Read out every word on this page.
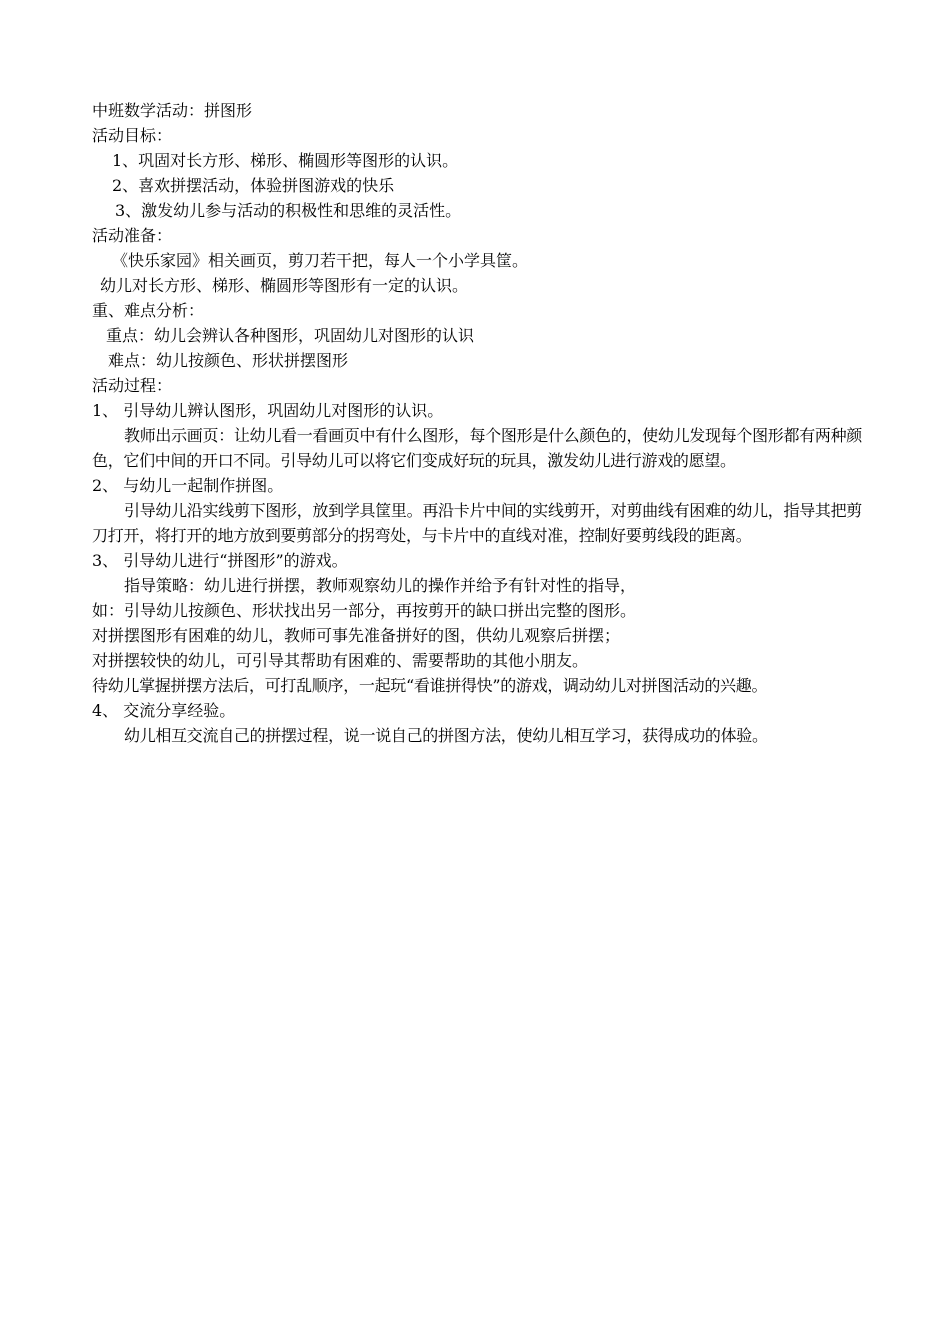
中班数学活动：拼图形

活动目标：

1、巩固对长方形、梯形、椭圆形等图形的认识。

2、喜欢拼摆活动，体验拼图游戏的快乐

3、激发幼儿参与活动的积极性和思维的灵活性。

活动准备：

《快乐家园》相关画页，剪刀若干把，每人一个小学具筐。

幼儿对长方形、梯形、椭圆形等图形有一定的认识。

重、难点分析：

重点：幼儿会辨认各种图形，巩固幼儿对图形的认识

难点：幼儿按颜色、形状拼摆图形

活动过程：

1、 引导幼儿辨认图形，巩固幼儿对图形的认识。

教师出示画页：让幼儿看一看画页中有什么图形，每个图形是什么颜色的，使幼儿发现每个图形都有两种颜色，它们中间的开口不同。引导幼儿可以将它们变成好玩的玩具，激发幼儿进行游戏的愿望。

2、 与幼儿一起制作拼图。

引导幼儿沿实线剪下图形，放到学具筐里。再沿卡片中间的实线剪开，对剪曲线有困难的幼儿，指导其把剪刀打开，将打开的地方放到要剪部分的拐弯处，与卡片中的直线对准，控制好要剪线段的距离。

3、 引导幼儿进行“拼图形”的游戏。

指导策略：幼儿进行拼摆，教师观察幼儿的操作并给予有针对性的指导，

如：引导幼儿按颜色、形状找出另一部分，再按剪开的缺口拼出完整的图形。

对拼摆图形有困难的幼儿，教师可事先准备拼好的图，供幼儿观察后拼摆；

对拼摆较快的幼儿，可引导其帮助有困难的、需要帮助的其他小朋友。

待幼儿掌握拼摆方法后，可打乱顺序，一起玩“看谁拼得快”的游戏，调动幼儿对拼图活动的兴趣。

4、 交流分享经验。

幼儿相互交流自己的拼摆过程，说一说自己的拼图方法，使幼儿相互学习，获得成功的体验。
